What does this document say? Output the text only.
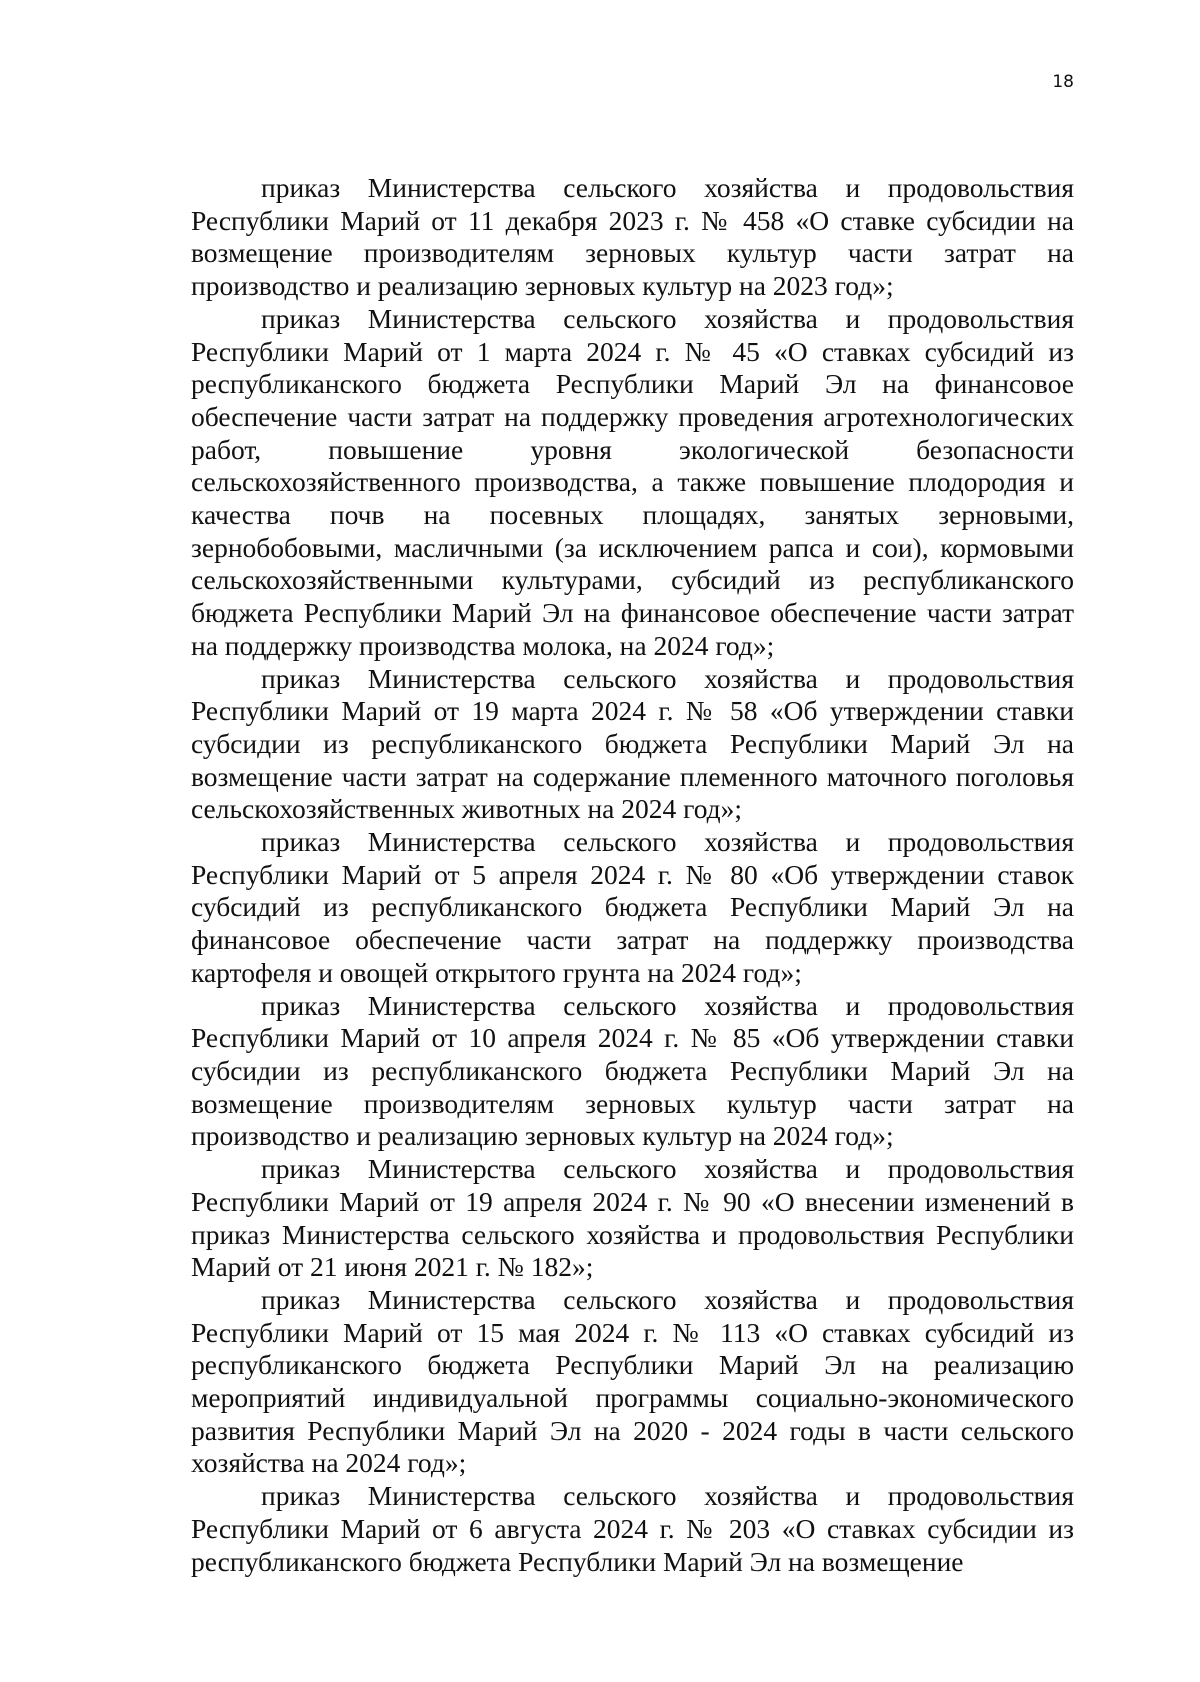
18

приказ Министерства сельского хозяйства и продовольствия Республики Марий от 11 декабря 2023 г. № 458 «О ставке субсидии на возмещение производителям зерновых культур части затрат на производство и реализацию зерновых культур на 2023 год»;

приказ Министерства сельского хозяйства и продовольствия Республики Марий от 1 марта 2024 г. № 45 «О ставках субсидий из республиканского бюджета Республики Марий Эл на финансовое обеспечение части затрат на поддержку проведения агротехнологических работ, повышение уровня экологической безопасности сельскохозяйственного производства, а также повышение плодородия и качества почв на посевных площадях, занятых зерновыми, зернобобовыми, масличными (за исключением рапса и сои), кормовыми сельскохозяйственными культурами, субсидий из республиканского бюджета Республики Марий Эл на финансовое обеспечение части затрат на поддержку производства молока, на 2024 год»;

приказ Министерства сельского хозяйства и продовольствия Республики Марий от 19 марта 2024 г. № 58 «Об утверждении ставки субсидии из республиканского бюджета Республики Марий Эл на возмещение части затрат на содержание племенного маточного поголовья сельскохозяйственных животных на 2024 год»;

приказ Министерства сельского хозяйства и продовольствия Республики Марий от 5 апреля 2024 г. № 80 «Об утверждении ставок субсидий из республиканского бюджета Республики Марий Эл на финансовое обеспечение части затрат на поддержку производства картофеля и овощей открытого грунта на 2024 год»;

приказ Министерства сельского хозяйства и продовольствия Республики Марий от 10 апреля 2024 г. № 85 «Об утверждении ставки субсидии из республиканского бюджета Республики Марий Эл на возмещение производителям зерновых культур части затрат на производство и реализацию зерновых культур на 2024 год»;

приказ Министерства сельского хозяйства и продовольствия Республики Марий от 19 апреля 2024 г. № 90 «О внесении изменений в приказ Министерства сельского хозяйства и продовольствия Республики Марий от 21 июня 2021 г. № 182»;

приказ Министерства сельского хозяйства и продовольствия Республики Марий от 15 мая 2024 г. № 113 «О ставках субсидий из республиканского бюджета Республики Марий Эл на реализацию мероприятий индивидуальной программы социально-экономического развития Республики Марий Эл на 2020 - 2024 годы в части сельского хозяйства на 2024 год»;

приказ Министерства сельского хозяйства и продовольствия Республики Марий от 6 августа 2024 г. № 203 «О ставках субсидии из республиканского бюджета Республики Марий Эл на возмещение
